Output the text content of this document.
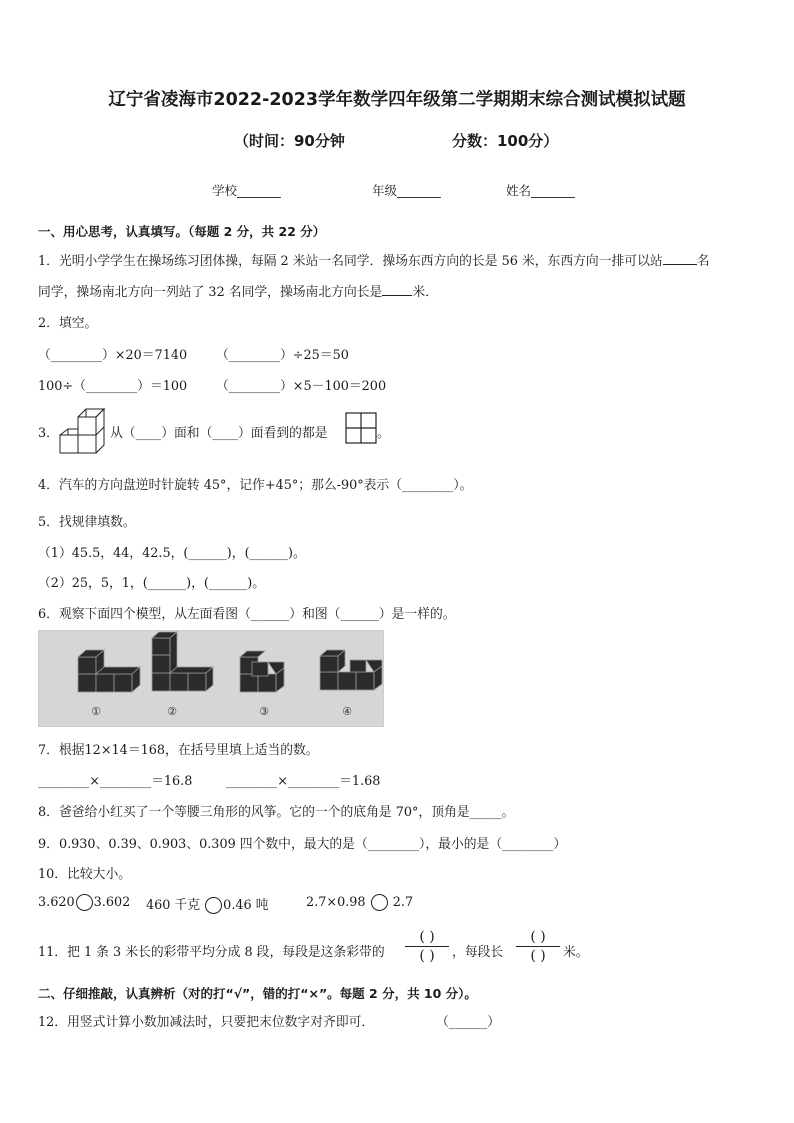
辽宁省凌海市2022-2023学年数学四年级第二学期期末综合测试模拟试题
（时间：90分钟	分数：100分）
学校_______	年级_______	姓名_______
一、用心思考，认真填写。（每题 2 分，共 22 分）
1．光明小学学生在操场练习团体操，每隔 2 米站一名同学．操场东西方向的长是 56 米，东西方向一排可以站	名
同学，操场南北方向一列站了 32 名同学，操场南北方向长是 米．
2．填空。
（________）×20＝7140 （________）÷25＝50
100÷（________）＝100 （________）×5－100＝200
3．	从（____）面和（____）面看到的都是	。
4．汽车的方向盘逆时针旋转 45°，记作+45°；那么-90°表示（________）。
5．找规律填数。
（1）45.5，44，42.5，(______)，(______)。
（2）25，5，1，(______)，(______)。
6．观察下面四个模型，从左面看图（______）和图（______）是一样的。
①	②	③	④
7．根据12×14＝168，在括号里填上适当的数。
________×________＝16.8	________×________＝1.68
8．爸爸给小红买了一个等腰三角形的风筝。它的一个的底角是 70°，顶角是_____。
9．0.930、0.39、0.903、0.309 四个数中，最大的是（________），最小的是（________）
10．比较大小。
3.620 3.602 460 千克 0.46 吨	2.7×0.98 2.7
11．把 1 条 3 米长的彩带平均分成 8 段，每段是这条彩带的
( )
( ) ，每段长
( )
( ) 米。
二、仔细推敲，认真辨析（对的打“√”，错的打“×”。每题 2 分，共 10 分）。
12．用竖式计算小数加减法时，只要把末位数字对齐即可．	（______）
